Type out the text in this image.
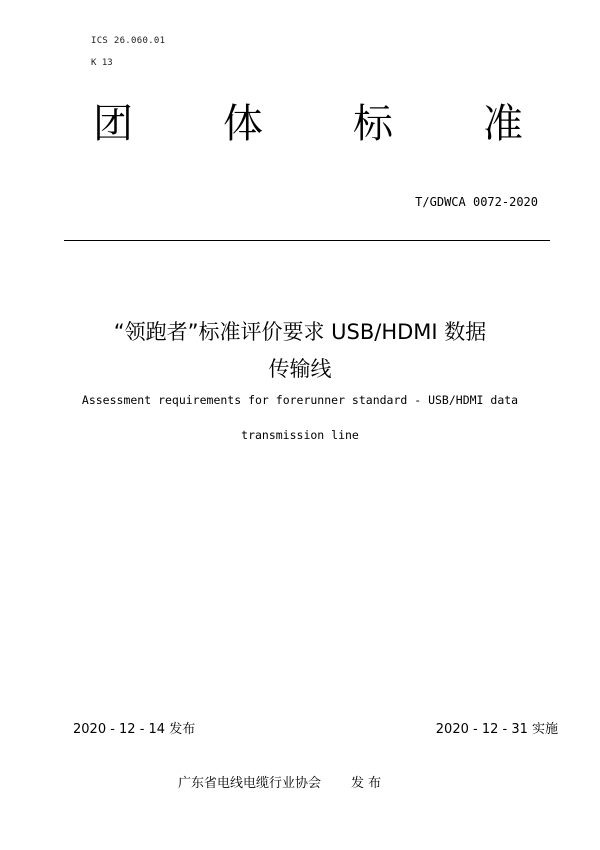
ICS 26.060.01
K 13
团 体 标 准
T/GDWCA 0072-2020
“领跑者”标准评价要求 USB/HDMI 数据
传输线
Assessment requirements for forerunner standard - USB/HDMI data
transmission line
2020 - 12 - 14 发布	2020 - 12 - 31 实施
广东省电线电缆行业协会 发 布
